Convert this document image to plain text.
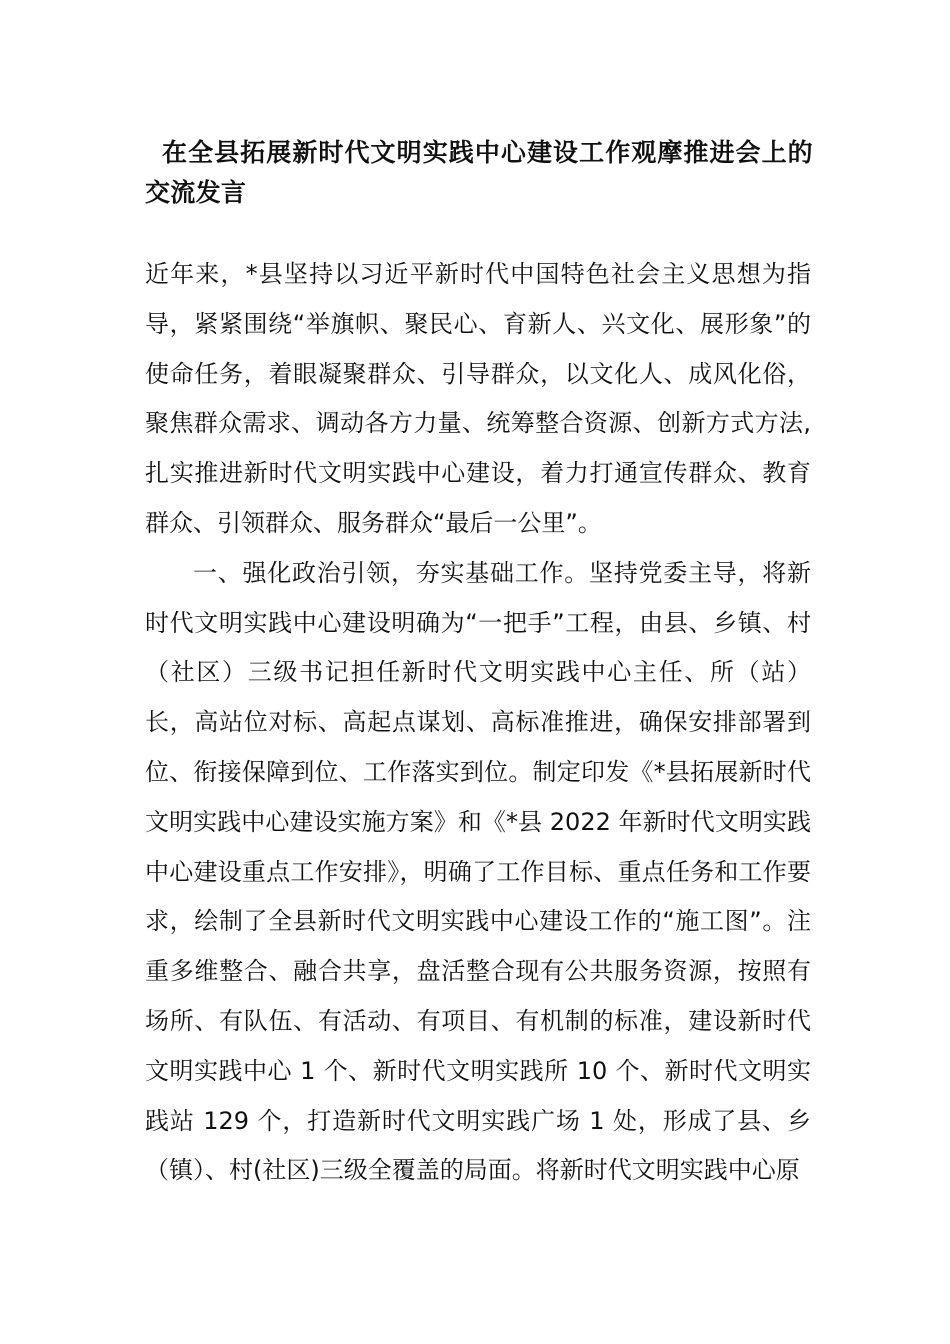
在全县拓展新时代文明实践中心建设工作观摩推进会上的交流发言

近年来，*县坚持以习近平新时代中国特色社会主义思想为指导，紧紧围绕“举旗帜、聚民心、育新人、兴文化、展形象”的使命任务，着眼凝聚群众、引导群众，以文化人、成风化俗，聚焦群众需求、调动各方力量、统筹整合资源、创新方式方法,扎实推进新时代文明实践中心建设，着力打通宣传群众、教育群众、引领群众、服务群众“最后一公里”。

一、强化政治引领，夯实基础工作。坚持党委主导，将新时代文明实践中心建设明确为“一把手”工程，由县、乡镇、村（社区）三级书记担任新时代文明实践中心主任、所（站）长，高站位对标、高起点谋划、高标准推进，确保安排部署到位、衔接保障到位、工作落实到位。制定印发《*县拓展新时代文明实践中心建设实施方案》和《*县 2022 年新时代文明实践中心建设重点工作安排》，明确了工作目标、重点任务和工作要求，绘制了全县新时代文明实践中心建设工作的“施工图”。注重多维整合、融合共享，盘活整合现有公共服务资源，按照有场所、有队伍、有活动、有项目、有机制的标准，建设新时代文明实践中心 1 个、新时代文明实践所 10 个、新时代文明实践站 129 个，打造新时代文明实践广场 1 处，形成了县、乡（镇）、村(社区)三级全覆盖的局面。将新时代文明实践中心原
